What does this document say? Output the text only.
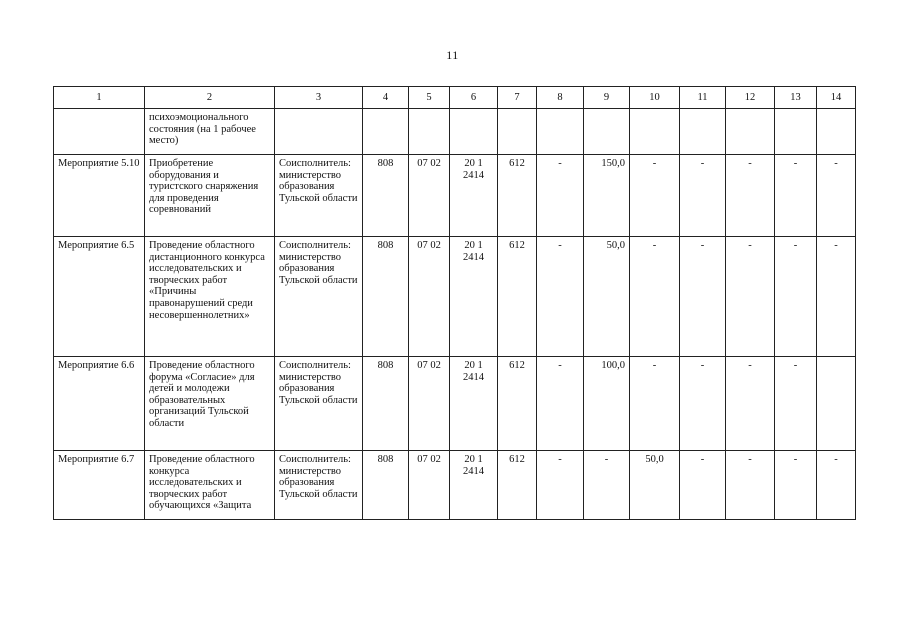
11
1	2	3	4	5	6	7	8	9	10	11	12	13	14
	психоэмоционального состояния (на 1 рабочее место)												
Мероприятие 5.10	Приобретение оборудования и туристского снаряжения для проведения соревнований	Соисполнитель: министерство образования Тульской области	808	07 02	20 1 2414	612	-	150,0	-	-	-	-	-
Мероприятие 6.5	Проведение областного дистанционного конкурса исследовательских и творческих работ «Причины правонарушений среди несовершеннолетних»	Соисполнитель: министерство образования Тульской области	808	07 02	20 1 2414	612	-	50,0	-	-	-	-	-
Мероприятие 6.6	Проведение областного форума «Согласие» для детей и молодежи образовательных организаций Тульской области	Соисполнитель: министерство образования Тульской области	808	07 02	20 1 2414	612	-	100,0	-	-	-	-

Мероприятие 6.7	Проведение областного конкурса исследовательских и творческих работ обучающихся «Защита	Соисполнитель: министерство образования Тульской области	808	07 02	20 1 2414	612	-	-	50,0	-	-	-	-
